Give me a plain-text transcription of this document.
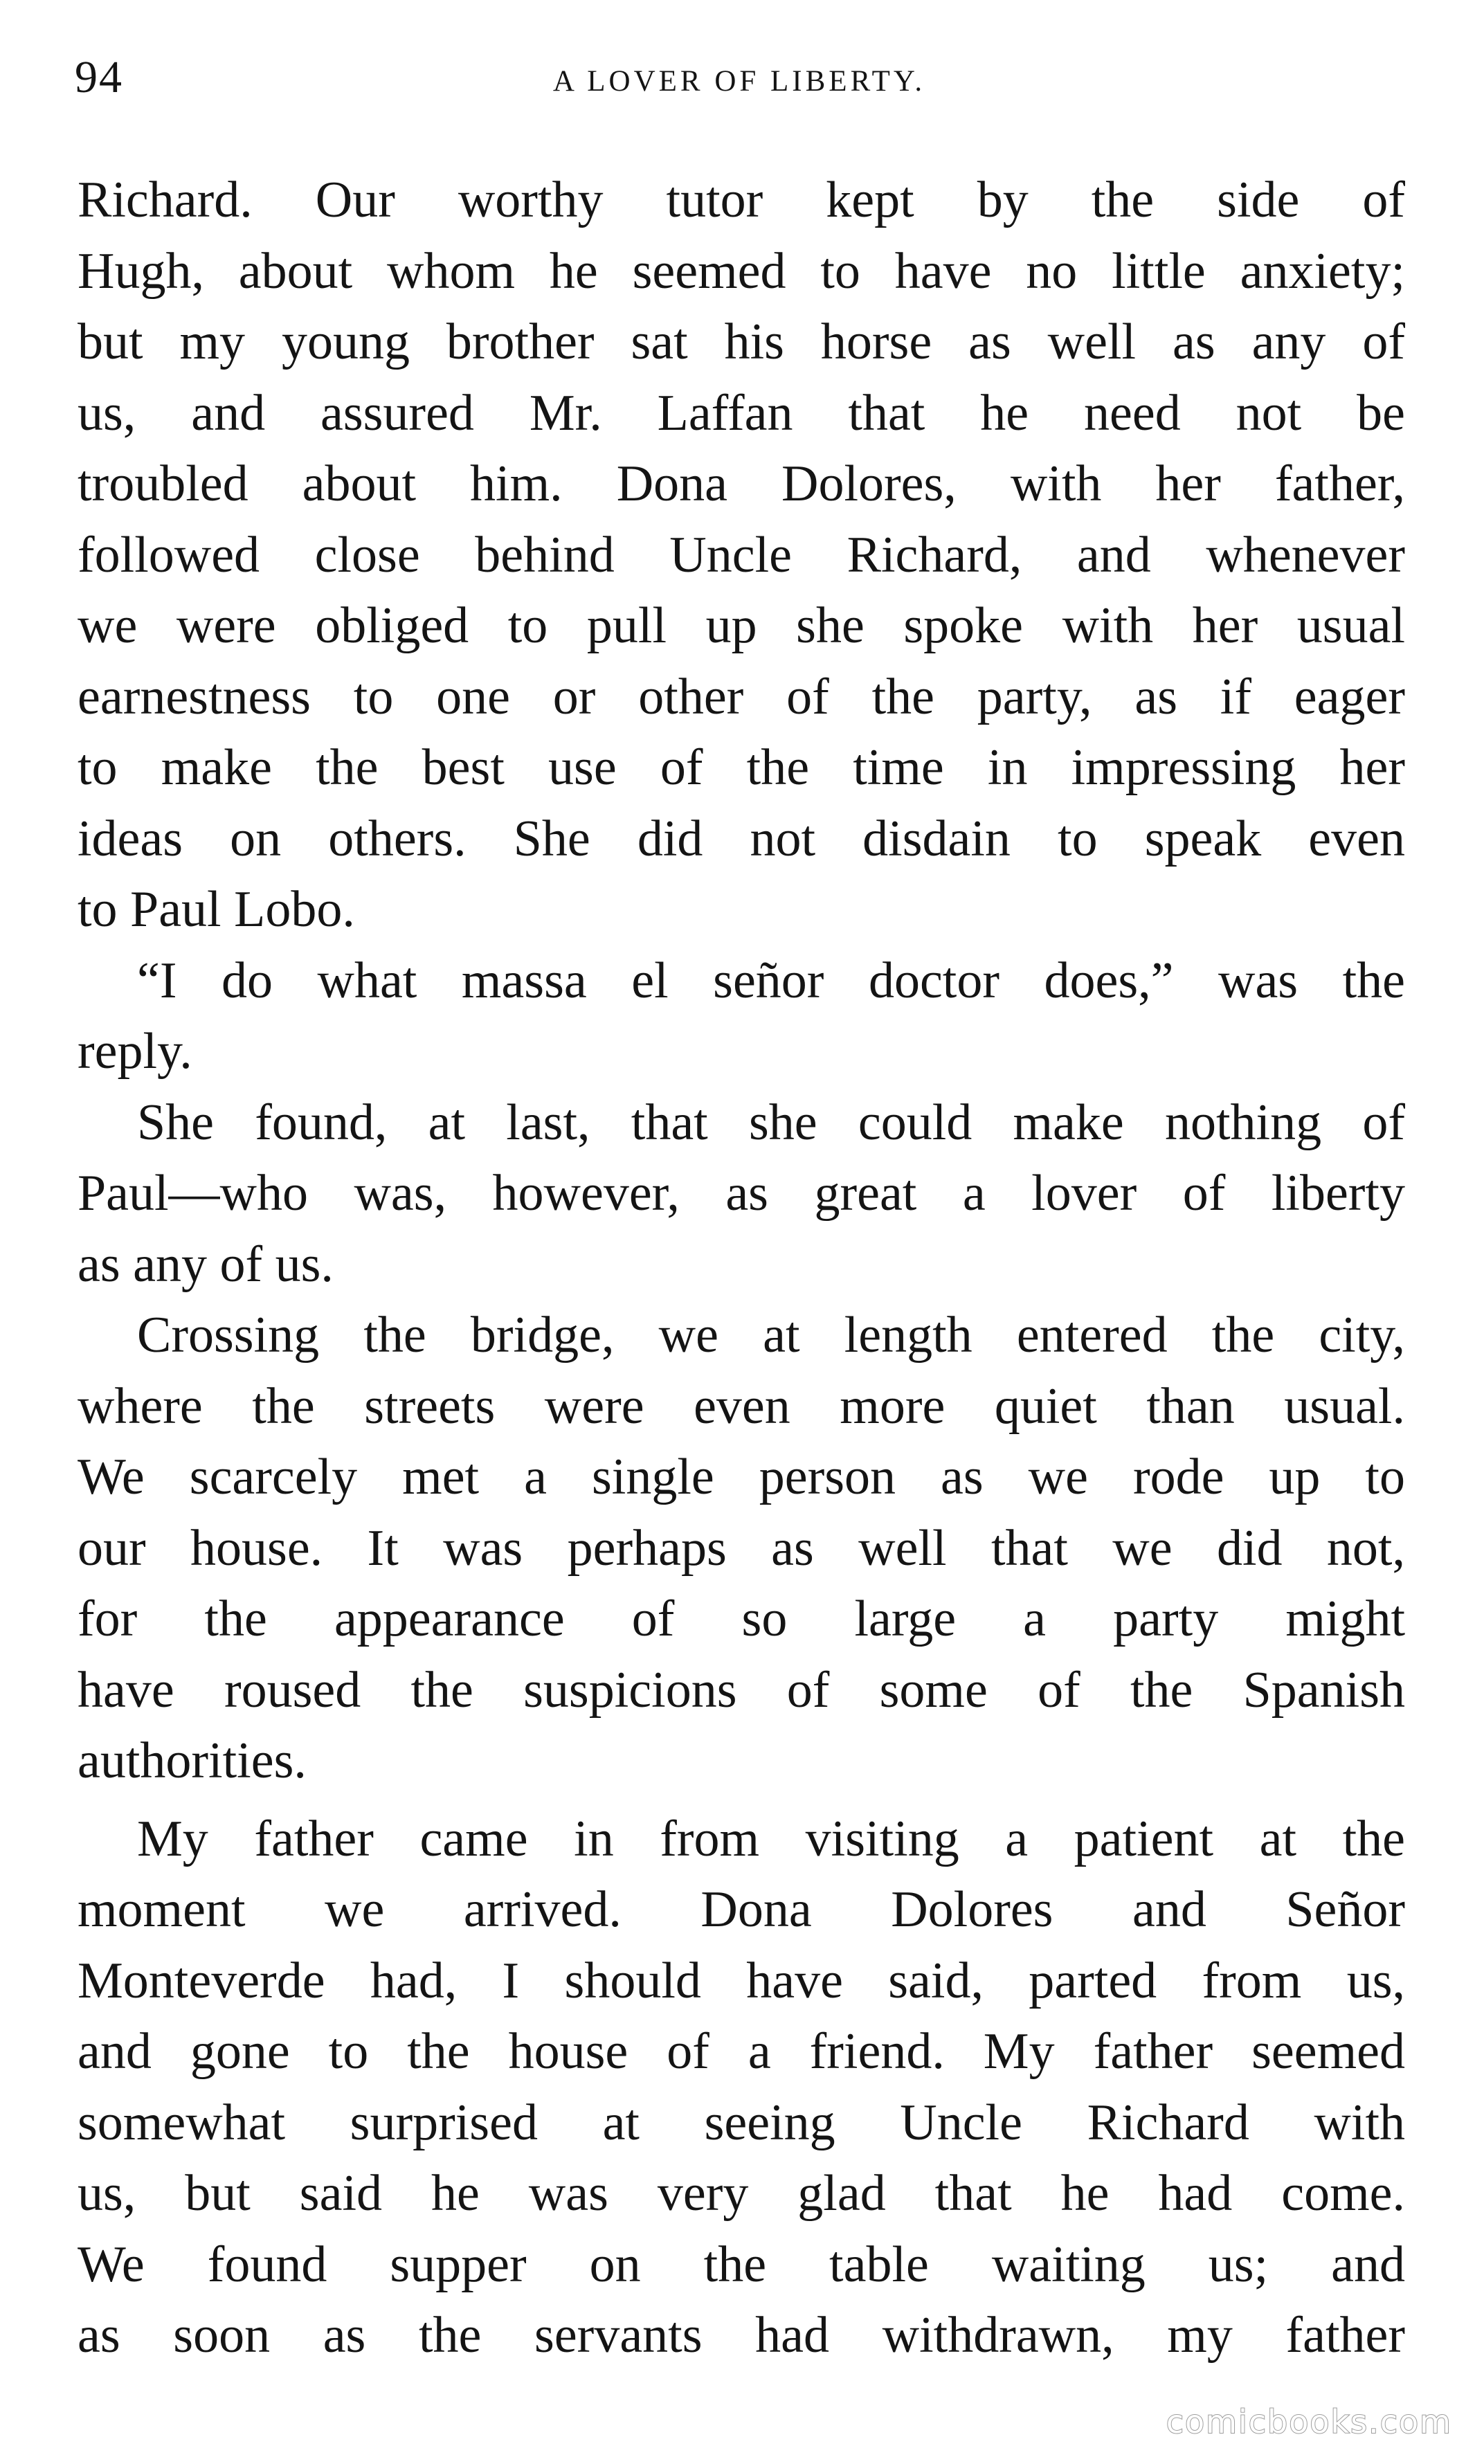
94	A LOVER OF LIBERTY.
Richard. Our worthy tutor kept by the side of
Hugh, about whom he seemed to have no little anxiety;
but my young brother sat his horse as well as any of
us, and assured Mr. Laffan that he need not be
troubled about him. Dona Dolores, with her father,
followed close behind Uncle Richard, and whenever
we were obliged to pull up she spoke with her usual
earnestness to one or other of the party, as if eager
to make the best use of the time in impressing her
ideas on others. She did not disdain to speak even
to Paul Lobo.
“I do what massa el señor doctor does,” was the
reply.
She found, at last, that she could make nothing of
Paul—who was, however, as great a lover of liberty
as any of us.
Crossing the bridge, we at length entered the city,
where the streets were even more quiet than usual.
We scarcely met a single person as we rode up to
our house. It was perhaps as well that we did not,
for the appearance of so large a party might
have roused the suspicions of some of the Spanish
authorities.
My father came in from visiting a patient at the
moment we arrived. Dona Dolores and Señor
Monteverde had, I should have said, parted from us,
and gone to the house of a friend. My father seemed
somewhat surprised at seeing Uncle Richard with
us, but said he was very glad that he had come.
We found supper on the table waiting us; and
as soon as the servants had withdrawn, my father
comicbooks.com
